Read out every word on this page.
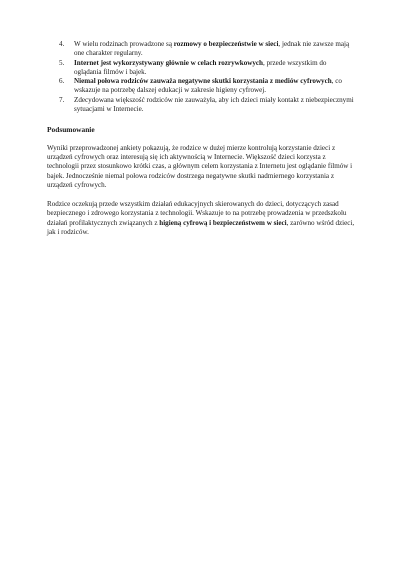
4. W wielu rodzinach prowadzone są rozmowy o bezpieczeństwie w sieci, jednak nie zawsze mają one charakter regularny.
5. Internet jest wykorzystywany głównie w celach rozrywkowych, przede wszystkim do oglądania filmów i bajek.
6. Niemal połowa rodziców zauważa negatywne skutki korzystania z mediów cyfrowych, co wskazuje na potrzebę dalszej edukacji w zakresie higieny cyfrowej.
7. Zdecydowana większość rodziców nie zauważyła, aby ich dzieci miały kontakt z niebezpiecznymi sytuacjami w Internecie.
Podsumowanie

Wyniki przeprowadzonej ankiety pokazują, że rodzice w dużej mierze kontrolują korzystanie dzieci z urządzeń cyfrowych oraz interesują się ich aktywnością w Internecie. Większość dzieci korzysta z technologii przez stosunkowo krótki czas, a głównym celem korzystania z Internetu jest oglądanie filmów i bajek. Jednocześnie niemal połowa rodziców dostrzega negatywne skutki nadmiernego korzystania z urządzeń cyfrowych.

Rodzice oczekują przede wszystkim działań edukacyjnych skierowanych do dzieci, dotyczących zasad bezpiecznego i zdrowego korzystania z technologii. Wskazuje to na potrzebę prowadzenia w przedszkolu działań profilaktycznych związanych z higieną cyfrową i bezpieczeństwem w sieci, zarówno wśród dzieci, jak i rodziców.
